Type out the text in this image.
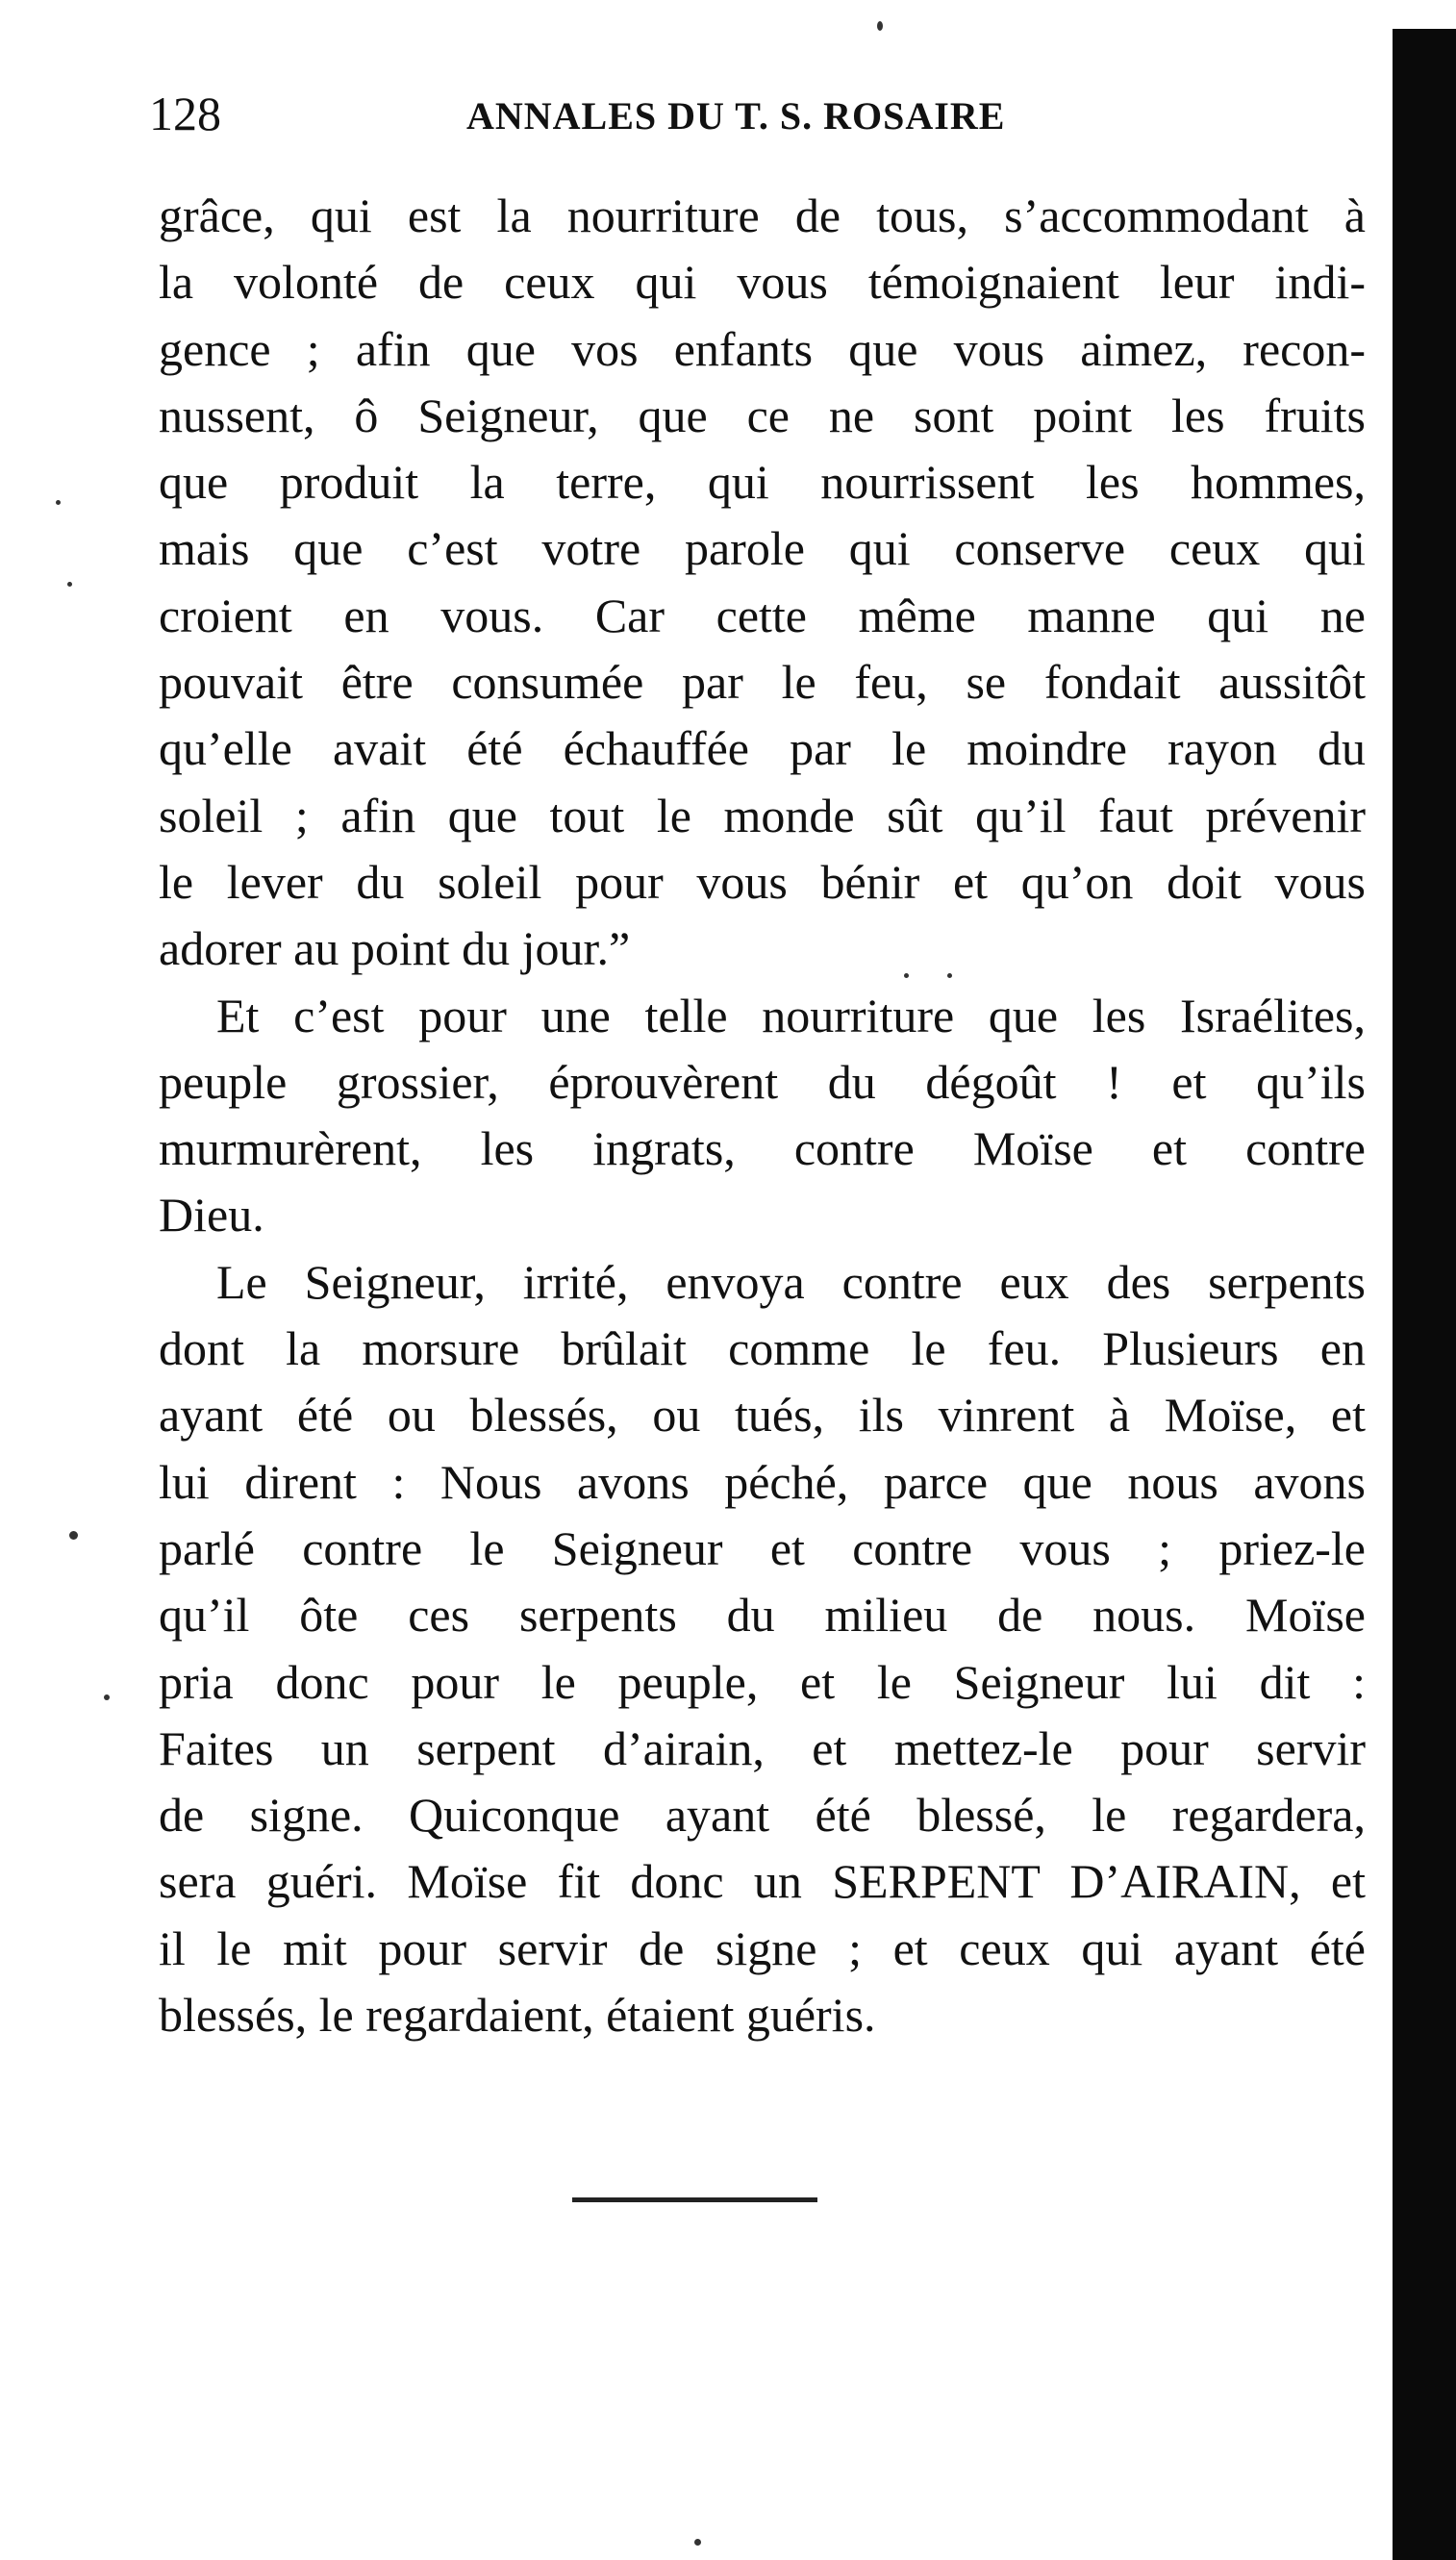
128	ANNALES DU T. S. ROSAIRE
grâce, qui est la nourriture de tous, s’accommodant à
la volonté de ceux qui vous témoignaient leur indi-
gence ; afin que vos enfants que vous aimez, recon-
nussent, ô Seigneur, que ce ne sont point les fruits
que produit la terre, qui nourrissent les hommes,
mais que c’est votre parole qui conserve ceux qui
croient en vous. Car cette même manne qui ne
pouvait être consumée par le feu, se fondait aussitôt
qu’elle avait été échauffée par le moindre rayon du
soleil ; afin que tout le monde sût qu’il faut prévenir
le lever du soleil pour vous bénir et qu’on doit vous
adorer au point du jour.”
Et c’est pour une telle nourriture que les Israélites,
peuple grossier, éprouvèrent du dégoût ! et qu’ils
murmurèrent, les ingrats, contre Moïse et contre
Dieu.
Le Seigneur, irrité, envoya contre eux des serpents
dont la morsure brûlait comme le feu. Plusieurs en
ayant été ou blessés, ou tués, ils vinrent à Moïse, et
lui dirent : Nous avons péché, parce que nous avons
parlé contre le Seigneur et contre vous ; priez-le
qu’il ôte ces serpents du milieu de nous. Moïse
pria donc pour le peuple, et le Seigneur lui dit :
Faites un serpent d’airain, et mettez-le pour servir
de signe. Quiconque ayant été blessé, le regardera,
sera guéri. Moïse fit donc un SERPENT D’AIRAIN, et
il le mit pour servir de signe ; et ceux qui ayant été
blessés, le regardaient, étaient guéris.
